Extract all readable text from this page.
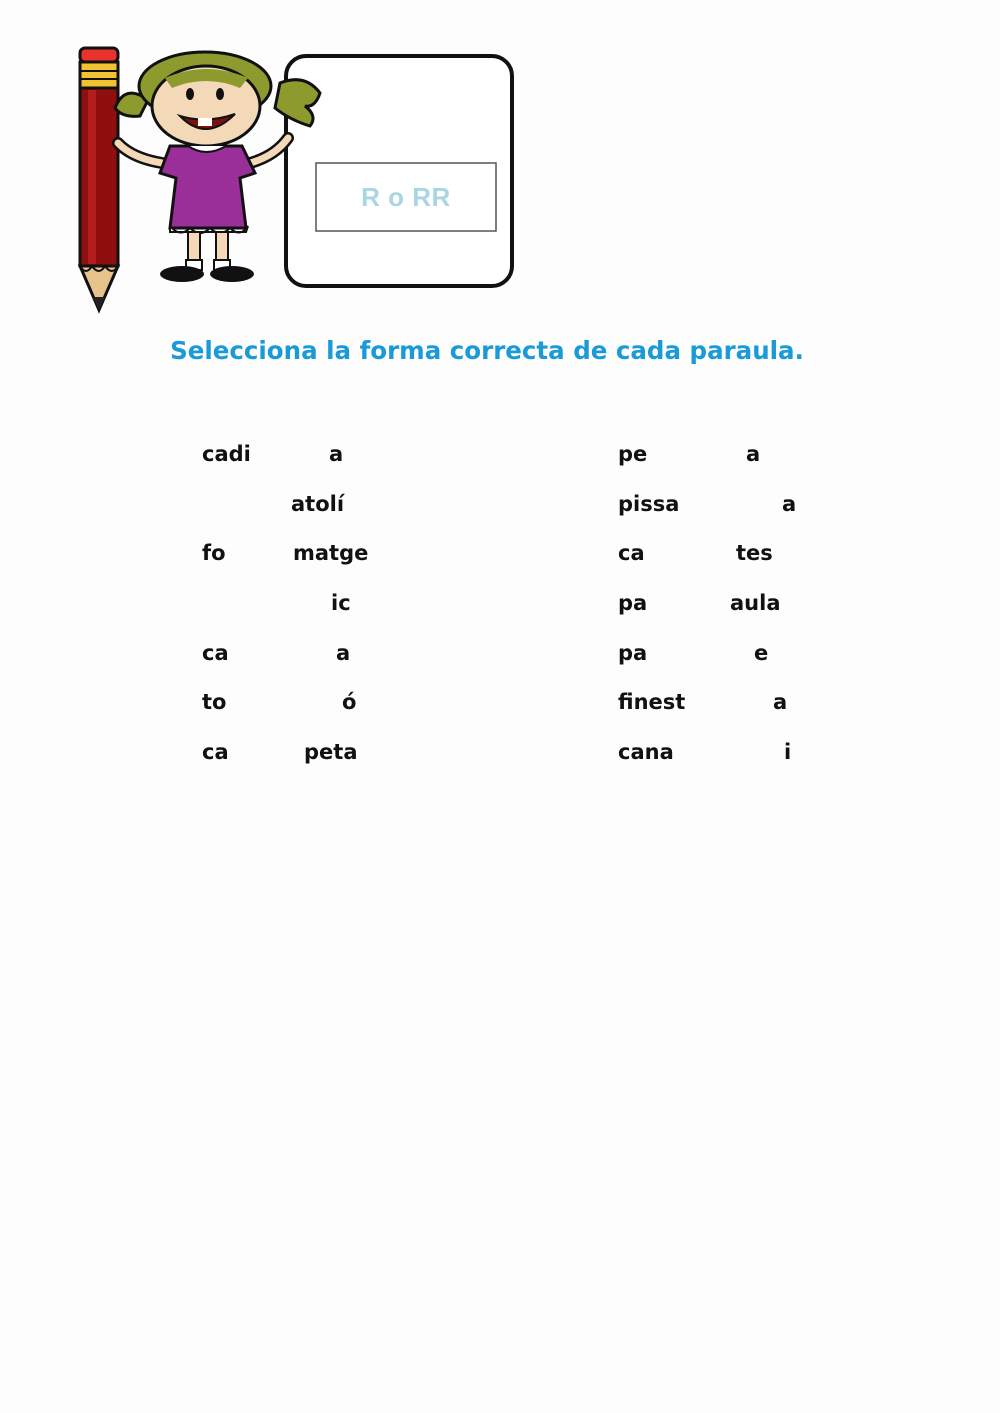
R o RR
Selecciona la forma correcta de cada paraula.
cadi	a
atolí
fo	matge
ic
ca	a
to	ó
ca	peta
pe	a
pissa	a
ca	tes
pa	aula
pa	e
finest	a
cana	i
